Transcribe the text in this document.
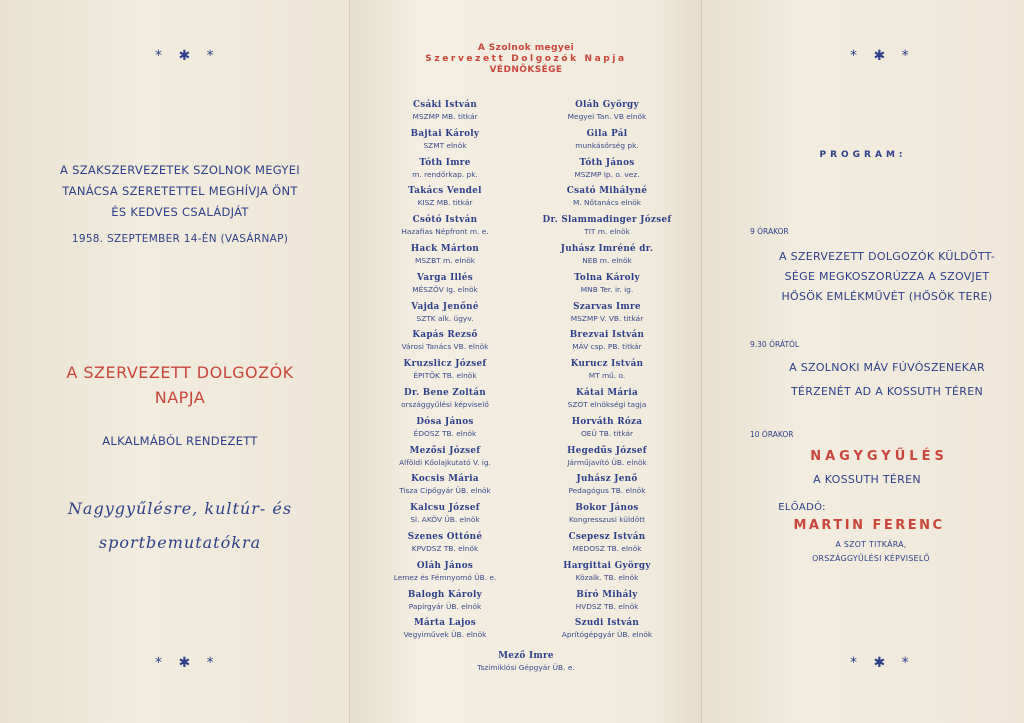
* ✱ *
A SZAKSZERVEZETEK SZOLNOK MEGYEI
TANÁCSA SZERETETTEL MEGHÍVJA ÖNT
ÉS KEDVES CSALÁDJÁT
1958. SZEPTEMBER 14-ÉN (VASÁRNAP)
A SZERVEZETT DOLGOZÓK
NAPJA
ALKALMÁBÓL RENDEZETT
Nagygyűlésre, kultúr- és
sportbemutatókra
* ✱ *
A Szolnok megyei
Szervezett Dolgozók Napja
VÉDNÖKSÉGE
Csáki István
MSZMP MB. titkár
Oláh György
Megyei Tan. VB elnök
Bajtai Károly
SZMT elnök
Gila Pál
munkásőrség pk.
Tóth Imre
m. rendőrkap. pk.
Tóth János
MSZMP Ip. o. vez.
Takács Vendel
KISZ MB. titkár
Csató Mihályné
M. Nőtanács elnök
Csótó István
Hazafias Népfront m. e.
Dr. Slammadinger József
TIT m. elnök
Hack Márton
MSZBT m. elnök
Juhász Imréné dr.
NEB m. elnök
Varga Illés
MÉSZÖV Ig. elnök
Tolna Károly
MNB Ter. ir. ig.
Vajda Jenőné
SZTK alk. ügyv.
Szarvas Imre
MSZMP V. VB. titkár
Kapás Rezső
Városi Tanács VB. elnök
Brezvai István
MÁV csp. PB. titkár
Kruzslicz József
ÉPITŐK TB. elnök
Kurucz István
MT mű. o.
Dr. Bene Zoltán
országgyűlési képviselő
Kátai Mária
SZOT elnökségi tagja
Dósa János
ÉDOSZ TB. elnök
Horváth Róza
OEÜ TB. titkár
Mezősi József
Alföldi Kőolajkutató V. ig.
Hegedűs József
Járműjavító ÜB. elnök
Kocsis Mária
Tisza Cipőgyár ÜB. elnök
Juhász Jenő
Pedagógus TB. elnök
Kalcsu József
Sl. AKÖV ÜB. elnök
Bokor János
Kongresszusi küldött
Szenes Ottóné
KPVDSZ TB. elnök
Csepesz István
MEDOSZ TB. elnök
Oláh János
Lemez és Fémnyomó ÜB. e.
Hargittai György
Közalk. TB. elnök
Balogh Károly
Papírgyár ÜB. elnök
Bíró Mihály
HVDSZ TB. elnök
Márta Lajos
Vegyiművek ÜB. elnök
Szudi István
Aprítógépgyár ÜB. elnök
Mező Imre
Tszimiklósi Gépgyár ÜB. e.
* ✱ *
PROGRAM:
9 ÓRAKOR
A SZERVEZETT DOLGOZÓK KÜLDÖTT-
SÉGE MEGKOSZORÚZZA A SZOVJET
HŐSÖK EMLÉKMŰVÉT (HŐSÖK TERE)
9.30 ÓRÁTÓL
A SZOLNOKI MÁV FÚVÓSZENEKAR
TÉRZENÉT AD A KOSSUTH TÉREN
10 ÓRAKOR
NAGYGYŰLÉS
A KOSSUTH TÉREN
ELŐADÓ:
MARTIN FERENC
A SZOT TITKÁRA,
ORSZÁGGYŰLÉSI KÉPVISELŐ
* ✱ *
